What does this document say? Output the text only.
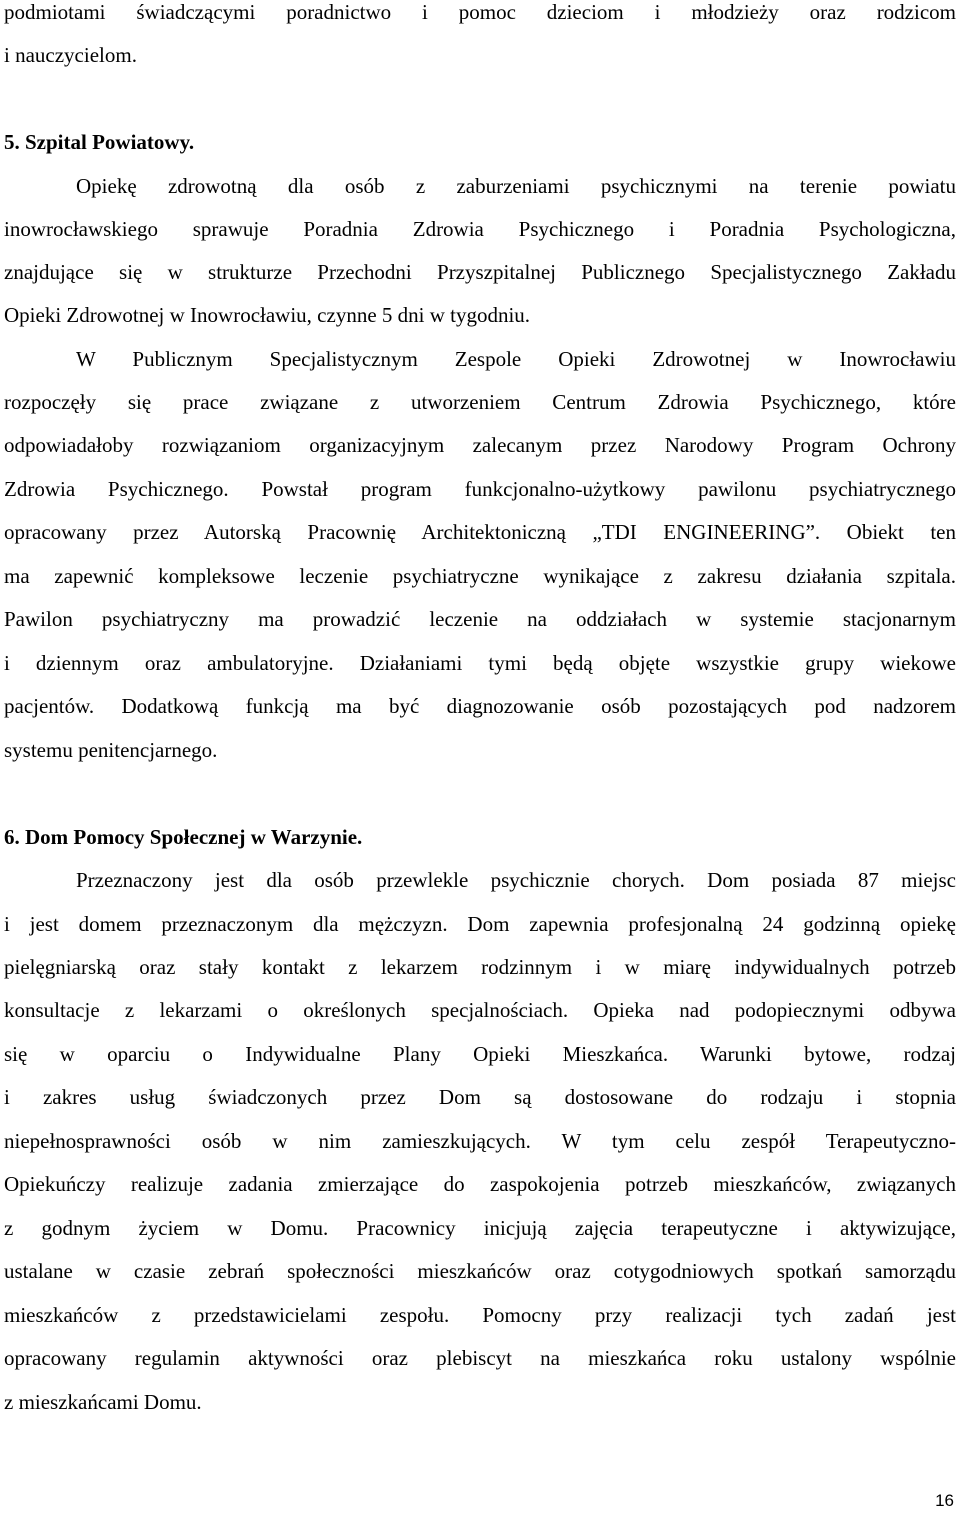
podmiotami świadczącymi poradnictwo i pomoc dzieciom i młodzieży oraz rodzicom

i nauczycielom.

5. Szpital Powiatowy.

Opiekę zdrowotną dla osób z zaburzeniami psychicznymi na terenie powiatu

inowrocławskiego sprawuje Poradnia Zdrowia Psychicznego i Poradnia Psychologiczna,

znajdujące się w strukturze Przechodni Przyszpitalnej Publicznego Specjalistycznego Zakładu

Opieki Zdrowotnej w Inowrocławiu, czynne 5 dni w tygodniu.

W Publicznym Specjalistycznym Zespole Opieki Zdrowotnej w Inowrocławiu

rozpoczęły się prace związane z utworzeniem Centrum Zdrowia Psychicznego, które

odpowiadałoby rozwiązaniom organizacyjnym zalecanym przez Narodowy Program Ochrony

Zdrowia Psychicznego. Powstał program funkcjonalno-użytkowy pawilonu psychiatrycznego

opracowany przez Autorską Pracownię Architektoniczną „TDI ENGINEERING”. Obiekt ten

ma zapewnić kompleksowe leczenie psychiatryczne wynikające z zakresu działania szpitala.

Pawilon psychiatryczny ma prowadzić leczenie na oddziałach w systemie stacjonarnym

i dziennym oraz ambulatoryjne. Działaniami tymi będą objęte wszystkie grupy wiekowe

pacjentów. Dodatkową funkcją ma być diagnozowanie osób pozostających pod nadzorem

systemu penitencjarnego.

6. Dom Pomocy Społecznej w Warzynie.

Przeznaczony jest dla osób przewlekle psychicznie chorych. Dom posiada 87 miejsc

i jest domem przeznaczonym dla mężczyzn. Dom zapewnia profesjonalną 24 godzinną opiekę

pielęgniarską oraz stały kontakt z lekarzem rodzinnym i w miarę indywidualnych potrzeb

konsultacje z lekarzami o określonych specjalnościach. Opieka nad podopiecznymi odbywa

się w oparciu o Indywidualne Plany Opieki Mieszkańca. Warunki bytowe, rodzaj

i zakres usług świadczonych przez Dom są dostosowane do rodzaju i stopnia

niepełnosprawności osób w nim zamieszkujących. W tym celu zespół Terapeutyczno-

Opiekuńczy realizuje zadania zmierzające do zaspokojenia potrzeb mieszkańców, związanych

z godnym życiem w Domu. Pracownicy inicjują zajęcia terapeutyczne i aktywizujące,

ustalane w czasie zebrań społeczności mieszkańców oraz cotygodniowych spotkań samorządu

mieszkańców z przedstawicielami zespołu. Pomocny przy realizacji tych zadań jest

opracowany regulamin aktywności oraz plebiscyt na mieszkańca roku ustalony wspólnie

z mieszkańcami Domu.

16
